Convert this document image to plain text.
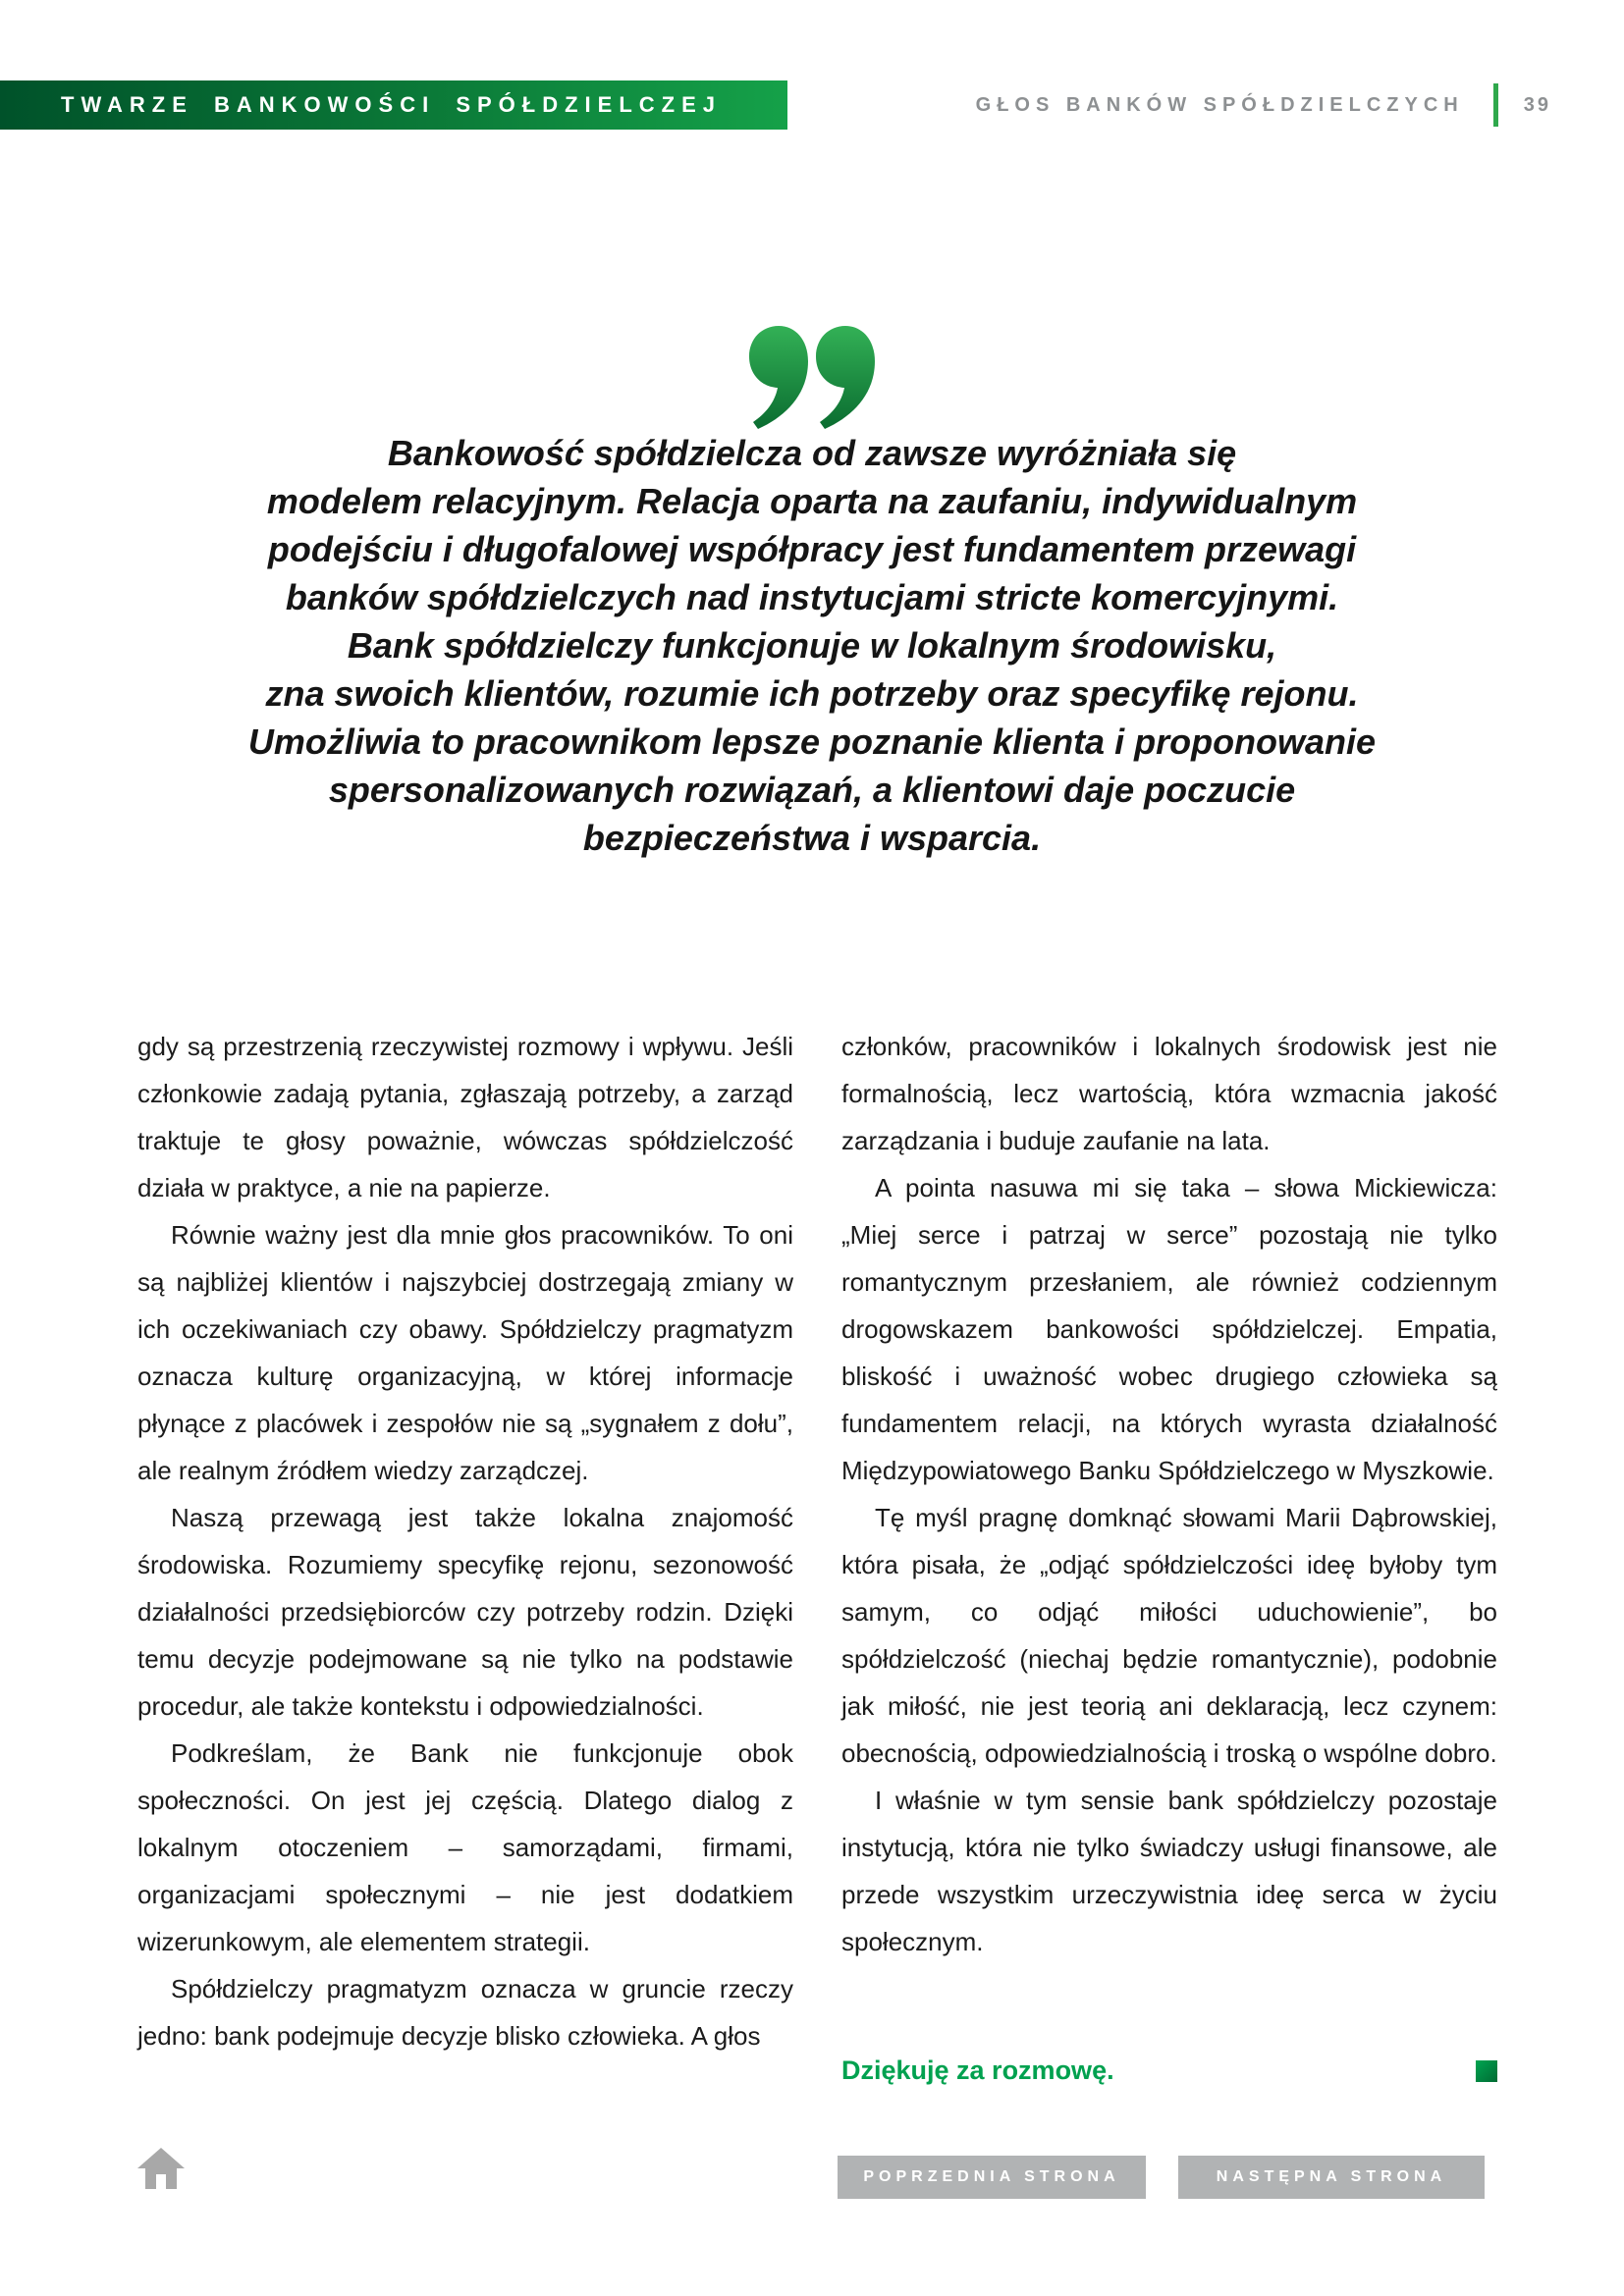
TWARZE BANKOWOŚCI SPÓŁDZIELCZEJ	GŁOS BANKÓW SPÓŁDZIELCZYCH	39
Bankowość spółdzielcza od zawsze wyróżniała się
modelem relacyjnym. Relacja oparta na zaufaniu, indywidualnym
podejściu i długofalowej współpracy jest fundamentem przewagi
banków spółdzielczych nad instytucjami stricte komercyjnymi.
Bank spółdzielczy funkcjonuje w lokalnym środowisku,
zna swoich klientów, rozumie ich potrzeby oraz specyfikę rejonu.
Umożliwia to pracownikom lepsze poznanie klienta i proponowanie
spersonalizowanych rozwiązań, a klientowi daje poczucie
bezpieczeństwa i wsparcia.

gdy są przestrzenią rzeczywistej rozmowy i wpływu. Jeśli członkowie zadają pytania, zgłaszają potrzeby, a zarząd traktuje te głosy poważnie, wówczas spółdzielczość działa w praktyce, a nie na papierze.

Równie ważny jest dla mnie głos pracowników. To oni są najbliżej klientów i najszybciej dostrzegają zmiany w ich oczekiwaniach czy obawy. Spółdzielczy pragmatyzm oznacza kulturę organizacyjną, w której informacje płynące z placówek i zespołów nie są „sygnałem z dołu”, ale realnym źródłem wiedzy zarządczej.

Naszą przewagą jest także lokalna znajomość środowiska. Rozumiemy specyfikę rejonu, sezonowość działalności przedsiębiorców czy potrzeby rodzin. Dzięki temu decyzje podejmowane są nie tylko na podstawie procedur, ale także kontekstu i odpowiedzialności.

Podkreślam, że Bank nie funkcjonuje obok społeczności. On jest jej częścią. Dlatego dialog z lokalnym otoczeniem – samorządami, firmami, organizacjami społecznymi – nie jest dodatkiem wizerunkowym, ale elementem strategii.

Spółdzielczy pragmatyzm oznacza w gruncie rzeczy jedno: bank podejmuje decyzje blisko człowieka. A głos

członków, pracowników i lokalnych środowisk jest nie formalnością, lecz wartością, która wzmacnia jakość zarządzania i buduje zaufanie na lata.

A pointa nasuwa mi się taka – słowa Mickiewicza: „Miej serce i patrzaj w serce” pozostają nie tylko romantycznym przesłaniem, ale również codziennym drogowskazem bankowości spółdzielczej. Empatia, bliskość i uważność wobec drugiego człowieka są fundamentem relacji, na których wyrasta działalność Międzypowiatowego Banku Spółdzielczego w Myszkowie.

Tę myśl pragnę domknąć słowami Marii Dąbrowskiej, która pisała, że „odjąć spółdzielczości ideę byłoby tym samym, co odjąć miłości uduchowienie”, bo spółdzielczość (niechaj będzie romantycznie), podobnie jak miłość, nie jest teorią ani deklaracją, lecz czynem: obecnością, odpowiedzialnością i troską o wspólne dobro.

I właśnie w tym sensie bank spółdzielczy pozostaje instytucją, która nie tylko świadczy usługi finansowe, ale przede wszystkim urzeczywistnia ideę serca w życiu społecznym.

Dziękuję za rozmowę.
POPRZEDNIA STRONA	NASTĘPNA STRONA
